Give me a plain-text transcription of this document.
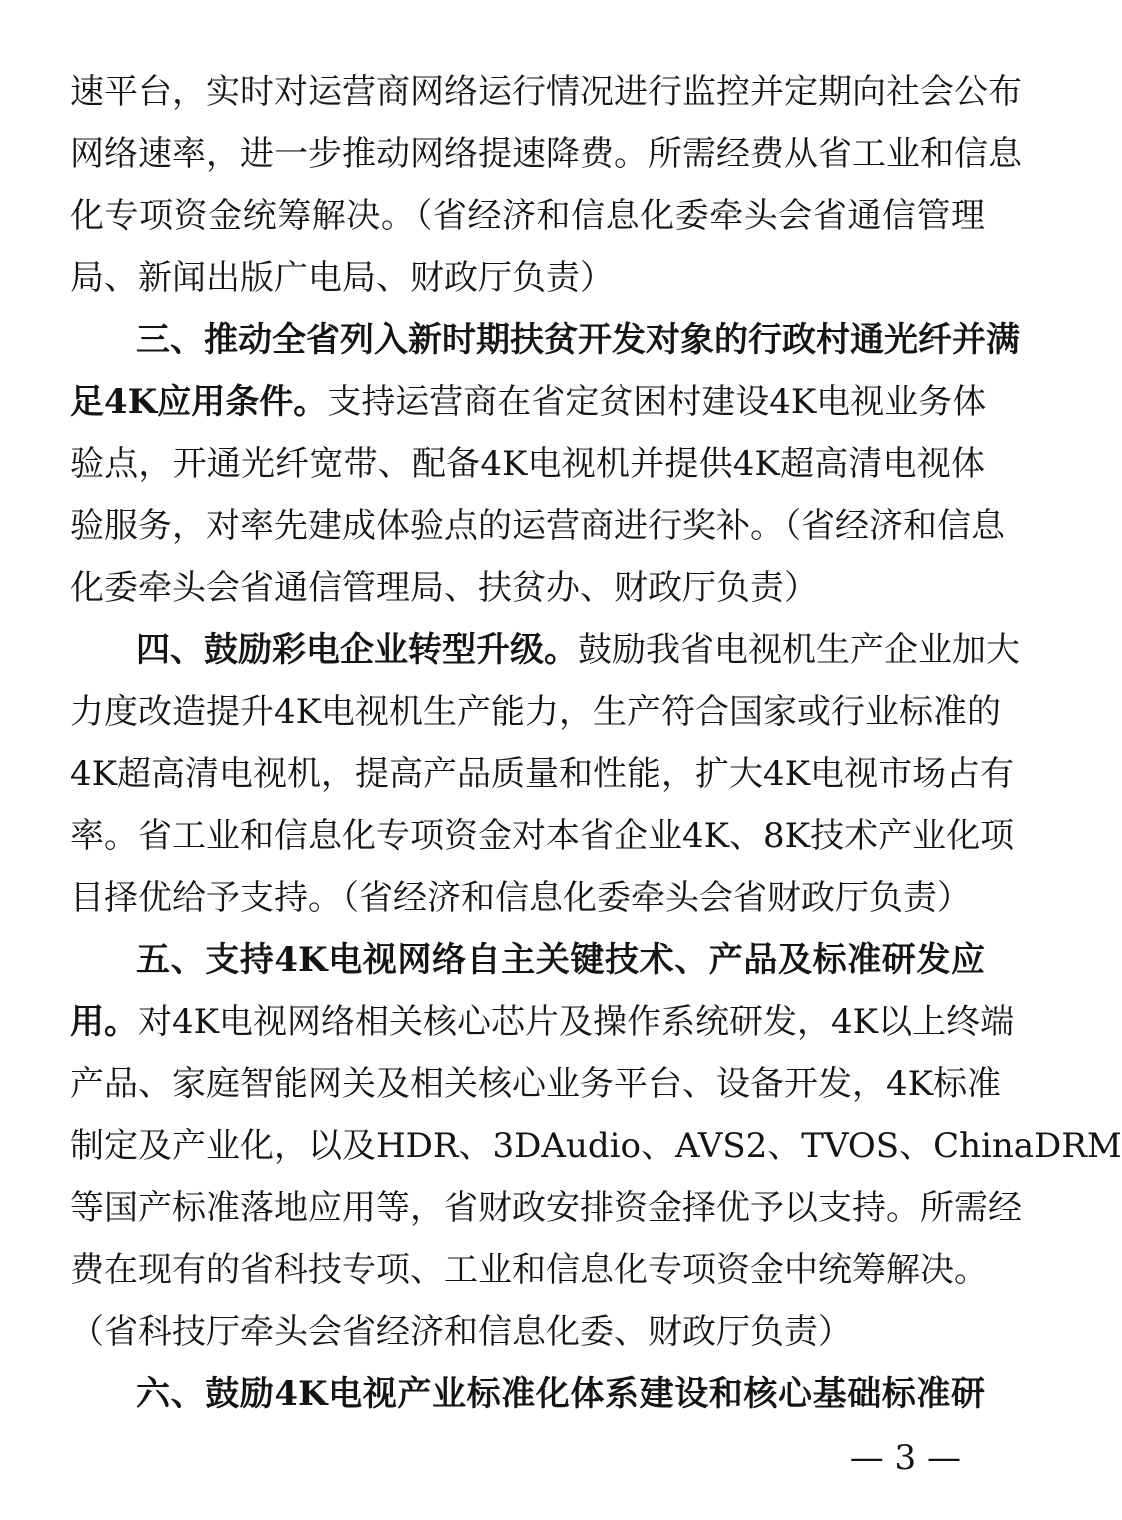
速平台，实时对运营商网络运行情况进行监控并定期向社会公布
网络速率，进一步推动网络提速降费。所需经费从省工业和信息
化专项资金统筹解决。（省经济和信息化委牵头会省通信管理
局、新闻出版广电局、财政厅负责）
三、推动全省列入新时期扶贫开发对象的行政村通光纤并满
足4K应用条件。支持运营商在省定贫困村建设4K电视业务体
验点，开通光纤宽带、配备4K电视机并提供4K超高清电视体
验服务，对率先建成体验点的运营商进行奖补。（省经济和信息
化委牵头会省通信管理局、扶贫办、财政厅负责）
四、鼓励彩电企业转型升级。鼓励我省电视机生产企业加大
力度改造提升4K电视机生产能力，生产符合国家或行业标准的
4K超高清电视机，提高产品质量和性能，扩大4K电视市场占有
率。省工业和信息化专项资金对本省企业4K、8K技术产业化项
目择优给予支持。（省经济和信息化委牵头会省财政厅负责）
五、支持4K电视网络自主关键技术、产品及标准研发应
用。对4K电视网络相关核心芯片及操作系统研发，4K以上终端
产品、家庭智能网关及相关核心业务平台、设备开发，4K标准
制定及产业化，以及HDR、3DAudio、AVS2、TVOS、ChinaDRM
等国产标准落地应用等，省财政安排资金择优予以支持。所需经
费在现有的省科技专项、工业和信息化专项资金中统筹解决。
（省科技厅牵头会省经济和信息化委、财政厅负责）
六、鼓励4K电视产业标准化体系建设和核心基础标准研
— 3 —
